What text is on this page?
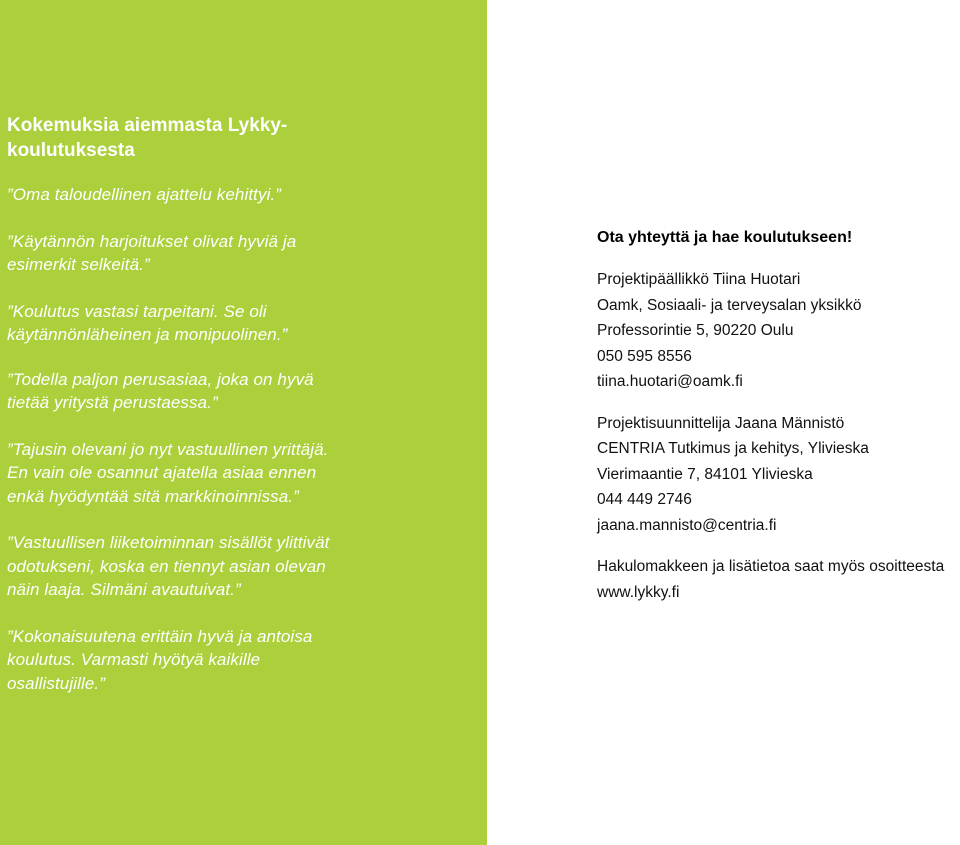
Kokemuksia aiemmasta Lykky-
koulutuksesta

”Oma taloudellinen ajattelu kehittyi.”

”Käytännön harjoitukset olivat hyviä ja
esimerkit selkeitä.”

”Koulutus vastasi tarpeitani. Se oli
käytännönläheinen ja monipuolinen.”

”Todella paljon perusasiaa, joka on hyvä
tietää yritystä perustaessa.”

”Tajusin olevani jo nyt vastuullinen yrittäjä.
En vain ole osannut ajatella asiaa ennen
enkä hyödyntää sitä markkinoinnissa.”

”Vastuullisen liiketoiminnan sisällöt ylittivät
odotukseni, koska en tiennyt asian olevan
näin laaja. Silmäni avautuivat.”

”Kokonaisuutena erittäin hyvä ja antoisa
koulutus. Varmasti hyötyä kaikille
osallistujille.”

Ota yhteyttä ja hae koulutukseen!

Projektipäällikkö Tiina Huotari

Oamk, Sosiaali- ja terveysalan yksikkö

Professorintie 5, 90220 Oulu

050 595 8556

tiina.huotari@oamk.fi

Projektisuunnittelija Jaana Männistö

CENTRIA Tutkimus ja kehitys, Ylivieska

Vierimaantie 7, 84101 Ylivieska

044 449 2746

jaana.mannisto@centria.fi

Hakulomakkeen ja lisätietoa saat myös osoitteesta

www.lykky.fi
